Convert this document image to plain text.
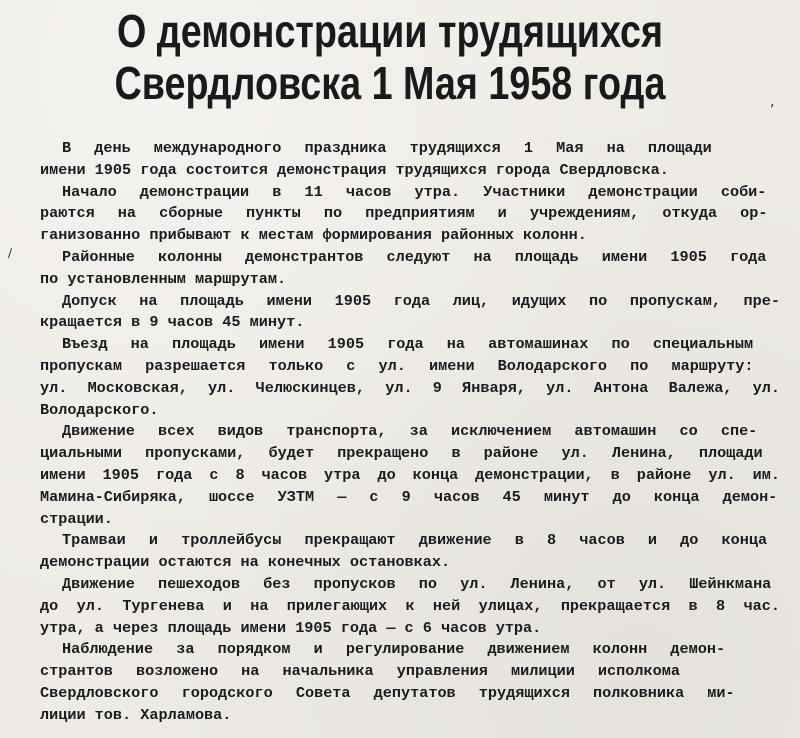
О демонстрации трудящихся
Свердловска 1 Мая 1958 года	,
\
В день международного праздника трудящихся 1 Мая на площади
имени 1905 года состоится демонстрация трудящихся города Свердловска.
Начало демонстрации в 11 часов утра. Участники демонстрации соби-
раются на сборные пункты по предприятиям и учреждениям, откуда ор-
ганизованно прибывают к местам формирования районных колонн.
Районные колонны демонстрантов следуют на площадь имени 1905 года
по установленным маршрутам.
Допуск на площадь имени 1905 года лиц, идущих по пропускам, пре-
кращается в 9 часов 45 минут.
Въезд на площадь имени 1905 года на автомашинах по специальным
пропускам разрешается только с ул. имени Володарского по маршруту:
ул. Московская, ул. Челюскинцев, ул. 9 Января, ул. Антона Валежа, ул.
Володарского.
Движение всех видов транспорта, за исключением автомашин со спе-
циальными пропусками, будет прекращено в районе ул. Ленина, площади
имени 1905 года с 8 часов утра до конца демонстрации, в районе ул. им.
Мамина-Сибиряка, шоссе УЗТМ — с 9 часов 45 минут до конца демон-
страции.
Трамваи и троллейбусы прекращают движение в 8 часов и до конца
демонстрации остаются на конечных остановках.
Движение пешеходов без пропусков по ул. Ленина, от ул. Шейнкмана
до ул. Тургенева и на прилегающих к ней улицах, прекращается в 8 час.
утра, а через площадь имени 1905 года — с 6 часов утра.
Наблюдение за порядком и регулирование движением колонн демон-
странтов возложено на начальника управления милиции исполкома
Свердловского городского Совета депутатов трудящихся полковника ми-
лиции тов. Харламова.
